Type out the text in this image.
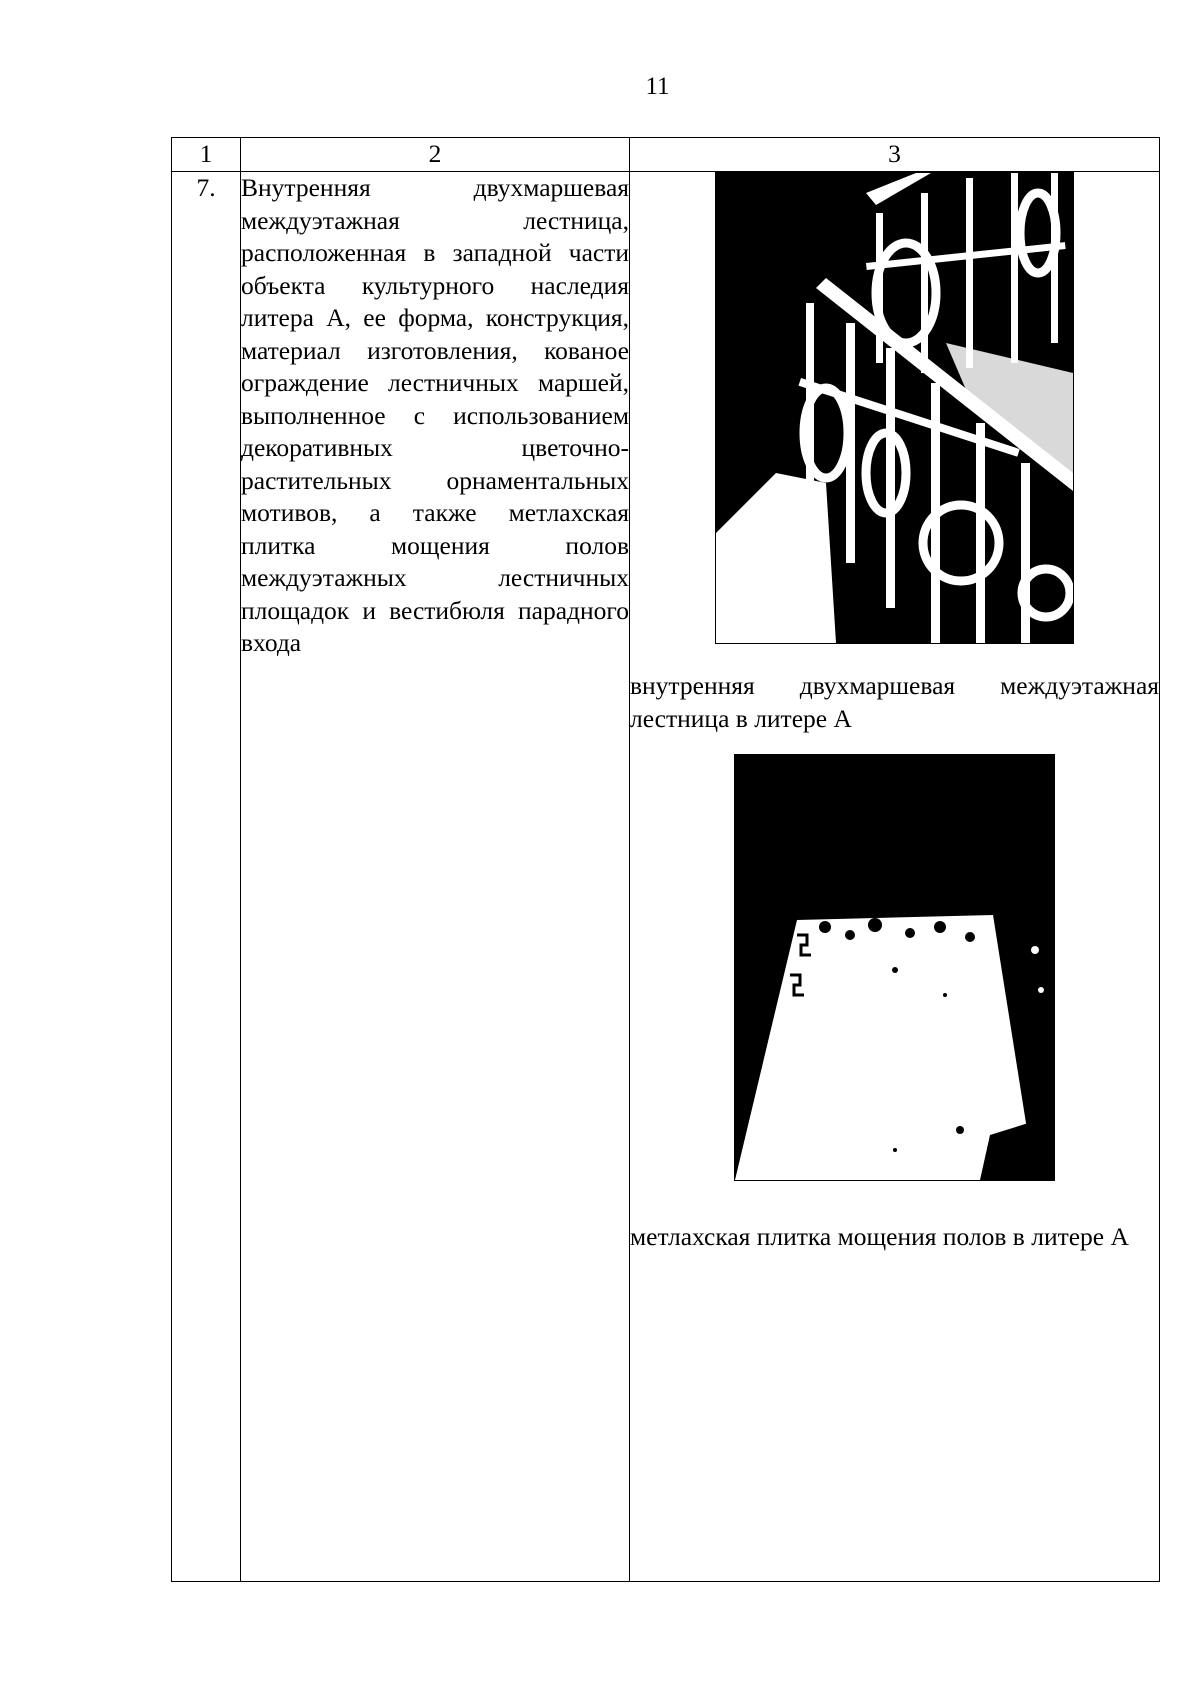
11
1	2	3
7.	Внутренняя двухмаршевая междуэтажная лестница, расположенная в западной части объекта культурного наследия литера А, ее форма, конструкция, материал изготовления, кованое ограждение лестничных маршей, выполненное с использованием декоративных цветочно-растительных орнаментальных мотивов, а также метлахская плитка мощения полов междуэтажных лестничных площадок и вестибюля парадного входа	внутренняя двухмаршевая междуэтажная лестница в литере А
метлахская плитка мощения полов в литере А
